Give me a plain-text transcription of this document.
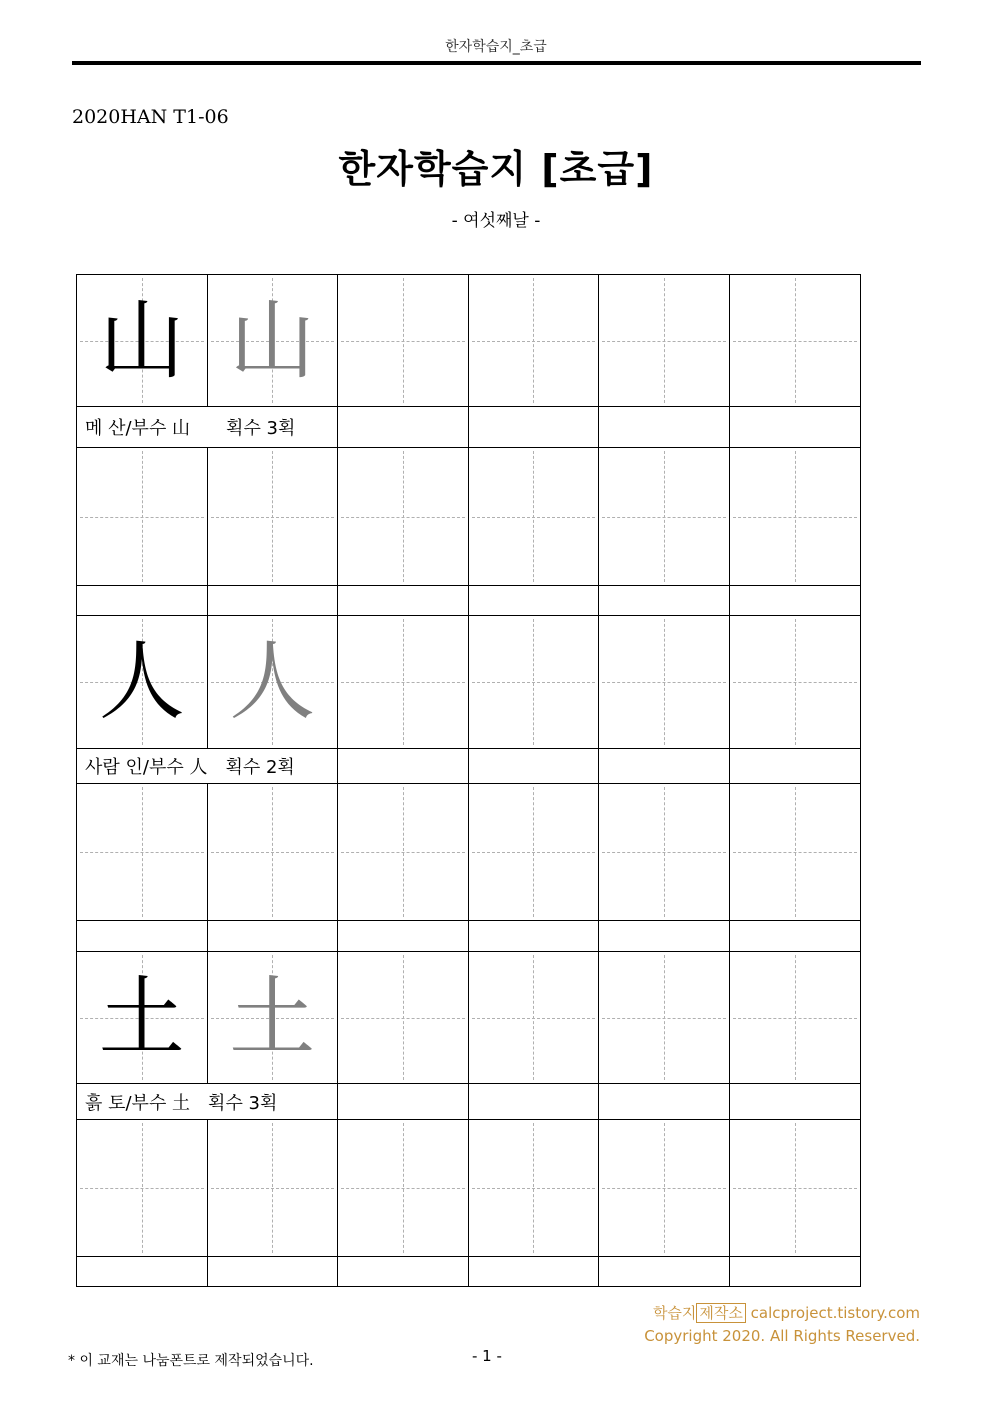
한자학습지_초급
2020HAN T1-06
한자학습지 [초급]
- 여섯째날 -
山 山
메 산/부수 山　　획수 3획
人 人
사람 인/부수 人　획수 2획
土 土
흙 토/부수 土　획수 3획
학습지 제작소 calcproject.tistory.com
Copyright 2020. All Rights Reserved.
* 이 교재는 나눔폰트로 제작되었습니다.	- 1 -
